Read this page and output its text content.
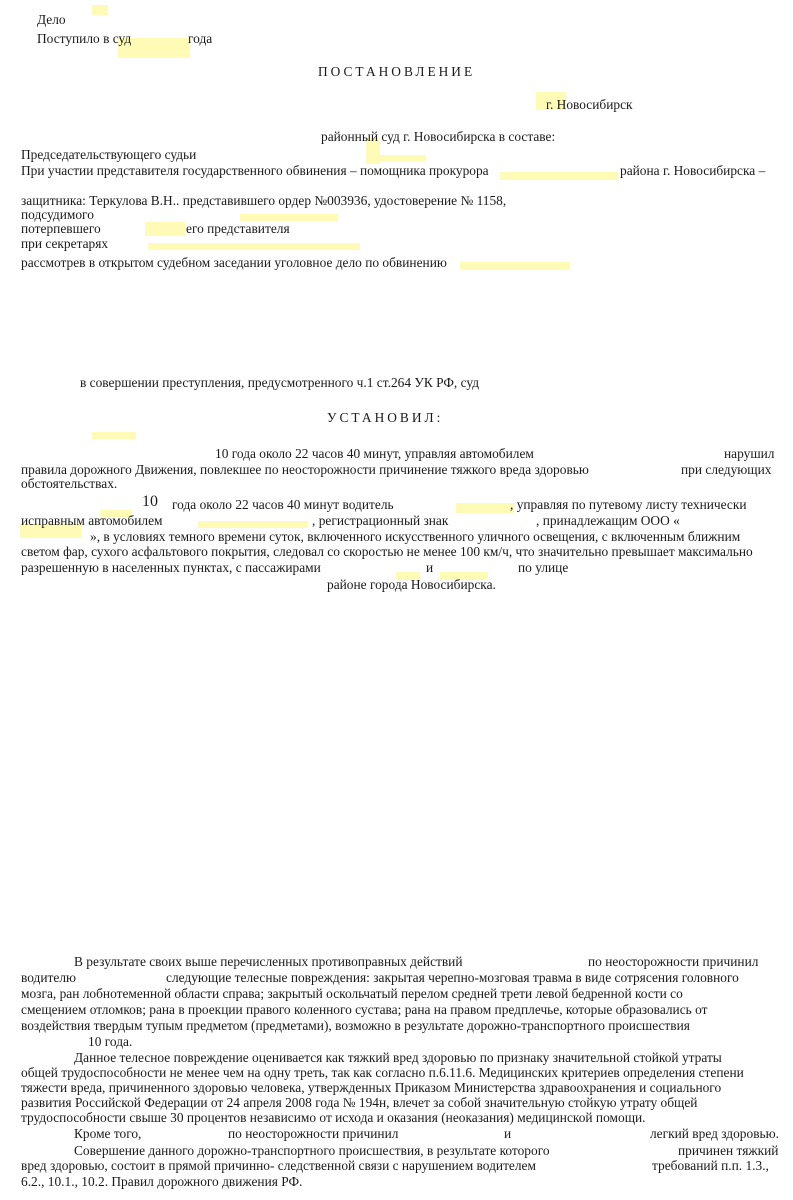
Дело
Поступило в суд	года
ПОСТАНОВЛЕНИЕ
г. Новосибирск
районный суд г. Новосибирска в составе:
Председательствующего судьи
При участии представителя государственного обвинения – помощника прокурора	района г. Новосибирска –
защитника: Теркулова В.Н.. представившего ордер №003936, удостоверение № 1158,
подсудимого
потерпевшего	его представителя
при секретарях
рассмотрев в открытом судебном заседании уголовное дело по обвинению
в совершении преступления, предусмотренного ч.1 ст.264 УК РФ, суд
УСТАНОВИЛ:
10 года около 22 часов 40 минут, управляя автомобилем	нарушил
правила дорожного Движения, повлекшее по неосторожности причинение тяжкого вреда здоровью	при следующих
обстоятельствах.
10 года около 22 часов 40 минут водитель	, управляя по путевому листу технически
исправным автомобилем	, регистрационный знак	, принадлежащим ООО «
», в условиях темного времени суток, включенного искусственного уличного освещения, с включенным ближним
светом фар, сухого асфальтового покрытия, следовал со скоростью не менее 100 км/ч, что значительно превышает максимально
разрешенную в населенных пунктах, с пассажирами	и	по улице
районе города Новосибирска.
В результате своих выше перечисленных противоправных действий	по неосторожности причинил
водителю	следующие телесные повреждения: закрытая черепно-мозговая травма в виде сотрясения головного
мозга, ран лобнотеменной области справа; закрытый оскольчатый перелом средней трети левой бедренной кости со
смещением отломков; рана в проекции правого коленного сустава; рана на правом предплечье, которые образовались от
воздействия твердым тупым предметом (предметами), возможно в результате дорожно-транспортного происшествия
10 года.
Данное телесное повреждение оценивается как тяжкий вред здоровью по признаку значительной стойкой утраты
общей трудоспособности не менее чем на одну треть, так как согласно п.6.11.6. Медицинских критериев определения степени
тяжести вреда, причиненного здоровью человека, утвержденных Приказом Министерства здравоохранения и социального
развития Российской Федерации от 24 апреля 2008 года № 194н, влечет за собой значительную стойкую утрату общей
трудоспособности свыше 30 процентов независимо от исхода и оказания (неоказания) медицинской помощи.
Кроме того,	по неосторожности причинил	и	легкий вред здоровью.
Совершение данного дорожно-транспортного происшествия, в результате которого	причинен тяжкий
вред здоровью, состоит в прямой причинно- следственной связи с нарушением водителем	требований п.п. 1.3.,
6.2., 10.1., 10.2. Правил дорожного движения РФ.
